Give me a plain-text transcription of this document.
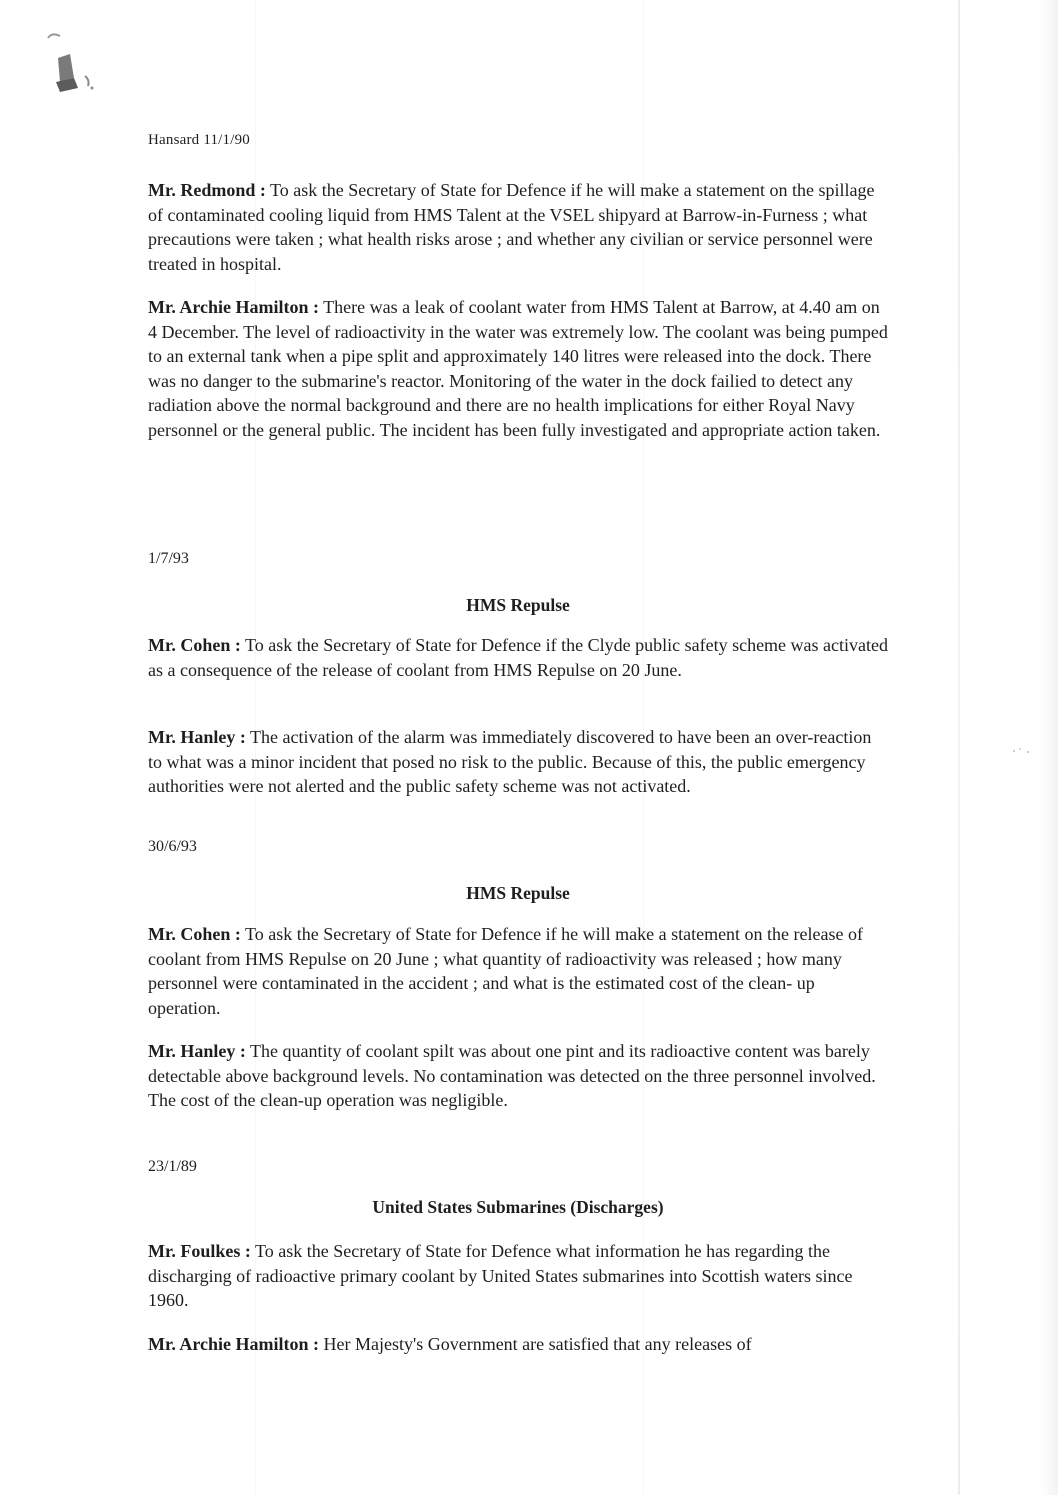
Hansard 11/1/90
Mr. Redmond : To ask the Secretary of State for Defence if he will make a statement on the spillage of contaminated cooling liquid from HMS Talent at the VSEL shipyard at Barrow-in-Furness ; what precautions were taken ; what health risks arose ; and whether any civilian or service personnel were treated in hospital.
Mr. Archie Hamilton : There was a leak of coolant water from HMS Talent at Barrow, at 4.40 am on 4 December. The level of radioactivity in the water was extremely low. The coolant was being pumped to an external tank when a pipe split and approximately 140 litres were released into the dock. There was no danger to the submarine's reactor. Monitoring of the water in the dock failied to detect any radiation above the normal background and there are no health implications for either Royal Navy personnel or the general public. The incident has been fully investigated and appropriate action taken.
1/7/93
HMS Repulse
Mr. Cohen : To ask the Secretary of State for Defence if the Clyde public safety scheme was activated as a consequence of the release of coolant from HMS Repulse on 20 June.
Mr. Hanley : The activation of the alarm was immediately discovered to have been an over-reaction to what was a minor incident that posed no risk to the public. Because of this, the public emergency authorities were not alerted and the public safety scheme was not activated.
30/6/93
HMS Repulse
Mr. Cohen : To ask the Secretary of State for Defence if he will make a statement on the release of coolant from HMS Repulse on 20 June ; what quantity of radioactivity was released ; how many personnel were contaminated in the accident ; and what is the estimated cost of the clean- up operation.
Mr. Hanley : The quantity of coolant spilt was about one pint and its radioactive content was barely detectable above background levels. No contamination was detected on the three personnel involved. The cost of the clean-up operation was negligible.
23/1/89
United States Submarines (Discharges)
Mr. Foulkes : To ask the Secretary of State for Defence what information he has regarding the discharging of radioactive primary coolant by United States submarines into Scottish waters since 1960.
Mr. Archie Hamilton : Her Majesty's Government are satisfied that any releases of
